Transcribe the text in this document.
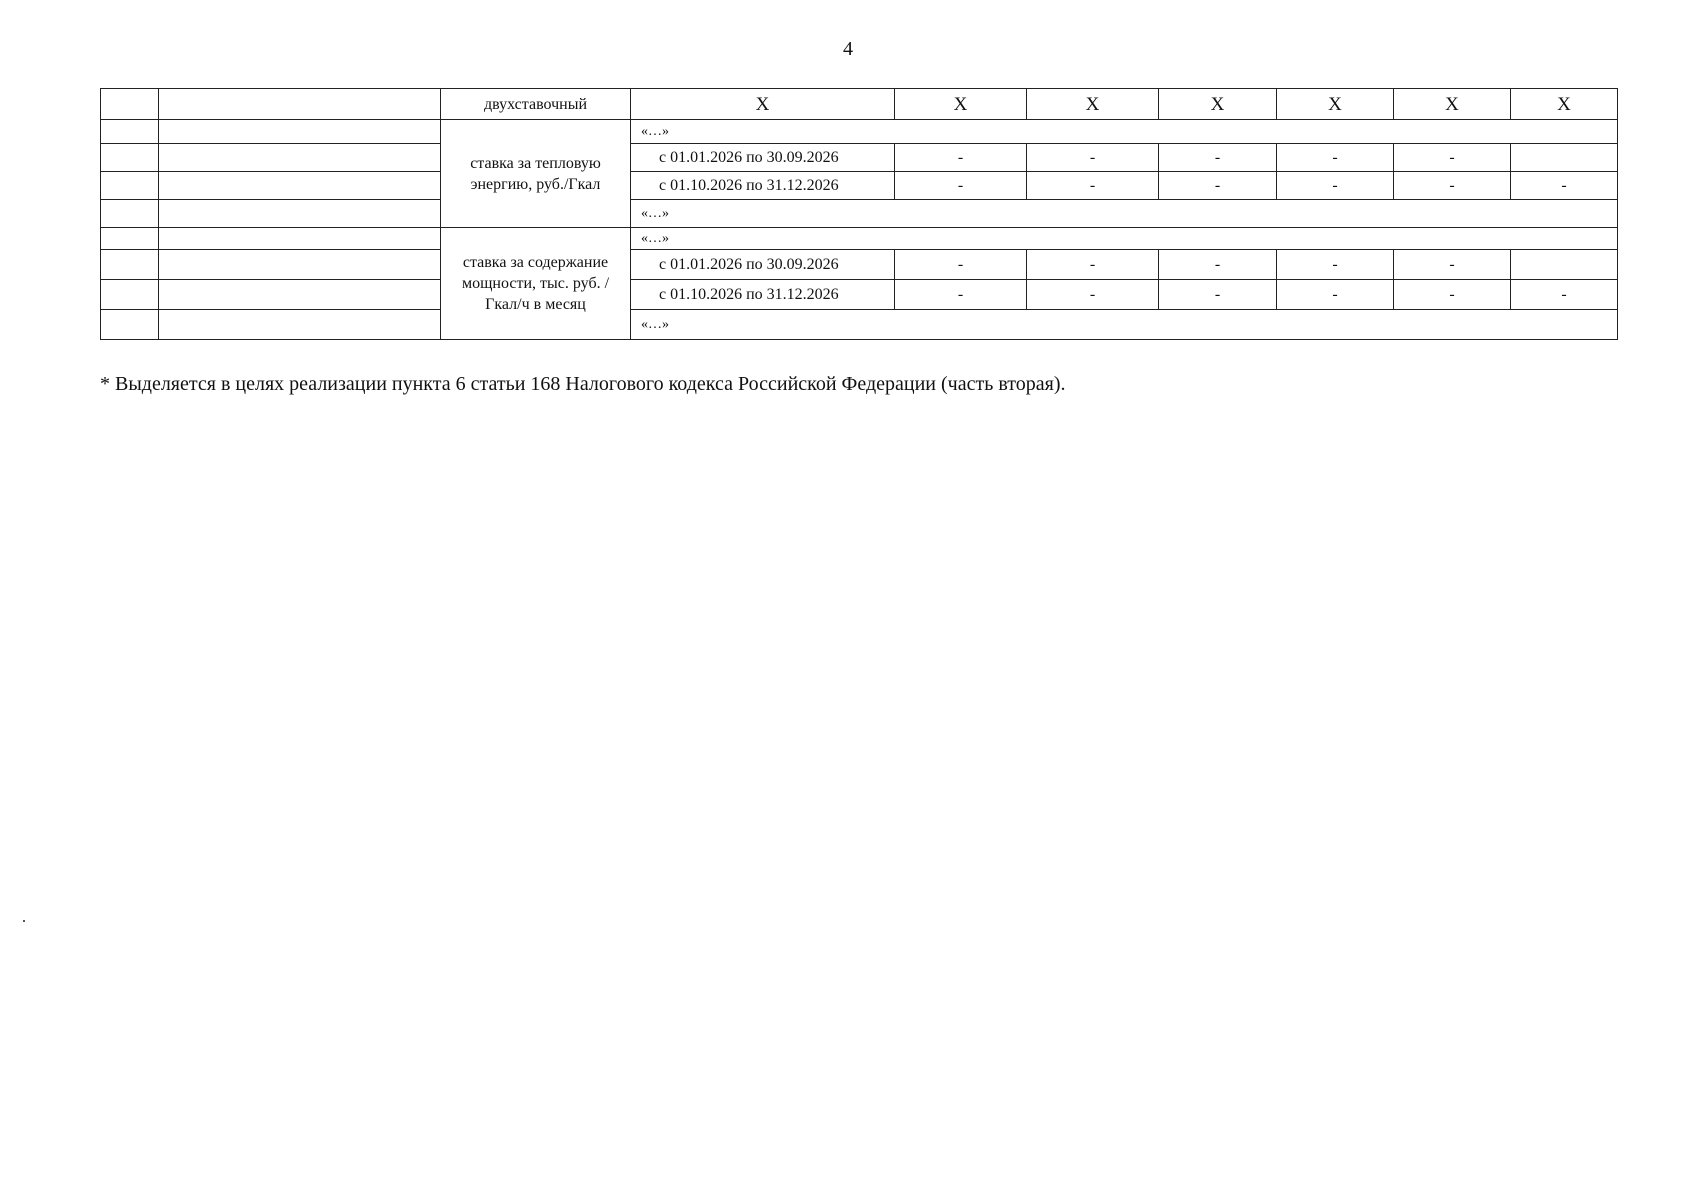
4
		двухставочный	Х	Х	Х	Х	Х	Х	Х
		ставка за тепловую энергию, руб./Гкал	«…»						
			с 01.01.2026 по 30.09.2026	-	-	-	-	-	
			с 01.10.2026 по 31.12.2026	-	-	-	-	-	-
			«…»						
		ставка за содержание мощности, тыс. руб. /Гкал/ч в месяц	«…»						
			с 01.01.2026 по 30.09.2026	-	-	-	-	-	
			с 01.10.2026 по 31.12.2026	-	-	-	-	-	-
			«…»						
* Выделяется в целях реализации пункта 6 статьи 168 Налогового кодекса Российской Федерации (часть вторая).
